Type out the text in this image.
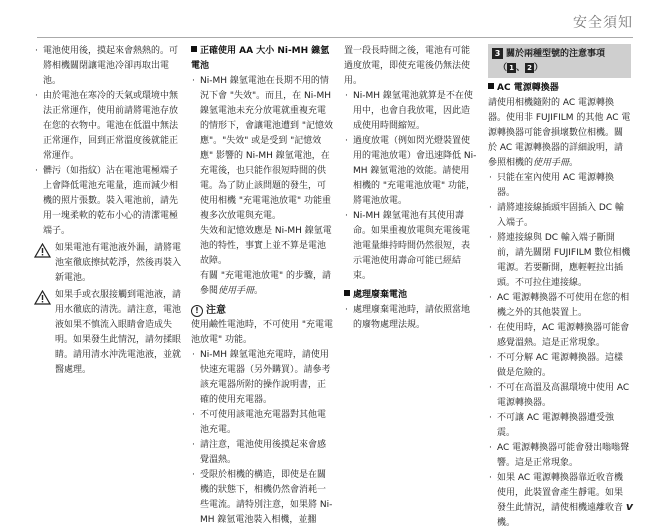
安全須知
· 電池使用後，摸起來會熱熱的。可將相機關閉讓電池冷卻再取出電池。
· 由於電池在寒冷的天氣或環境中無法正常運作，使用前請將電池存放在您的衣物中。電池在低溫中無法正常運作，回到正常溫度後就能正常運作。
· 髒污（如指紋）沾在電池電極端子上會降低電池充電量，進而減少相機的照片張數。裝入電池前，請先用一塊柔軟的乾布小心的清潔電極端子。
如果電池有電池液外漏，請將電池室徹底擦拭乾淨，然後再裝入新電池。
如果手或衣服接觸到電池液，請用水徹底的清洗。請注意，電池液如果不慎流入眼睛會造成失明。如果發生此情況，請勿揉眼睛。請用清水沖洗電池液，並就醫處理。
正確使用 AA 大小 Ni-MH 鎳氫電池
· Ni-MH 鎳氫電池在長期不用的情況下會 "失效"。而且，在 Ni-MH 鎳氫電池未充分放電就重複充電的情形下，會讓電池遭到 "記憶效應"。"失效" 或是受到 "記憶效應" 影響的 Ni-MH 鎳氫電池，在充電後，也只能作很短時間的供電。為了防止該問題的發生，可使用相機 "充電電池放電" 功能重複多次放電與充電。
失效和記憶效應是 Ni-MH 鎳氫電池的特性，事實上並不算是電池故障。
有關 "充電電池放電" 的步驟，請參閱使用手冊。
! 注意
使用鹼性電池時，不可使用 "充電電池放電" 功能。
· Ni-MH 鎳氫電池充電時，請使用快速充電器（另外購買）。請參考該充電器所附的操作說明書，正確的使用充電器。
· 不可使用該電池充電器對其他電池充電。
· 請注意，電池使用後摸起來會感覺溫熱。
· 受限於相機的構造，即使是在關機的狀態下，相機仍然會消耗一些電流。請特別注意，如果將 Ni-MH 鎳氫電池裝入相機，並擱
置一段長時間之後，電池有可能過度放電，即使充電後仍無法使用。
· Ni-MH 鎳氫電池就算是不在使用中，也會自我放電，因此造成使用時間縮短。
· 過度放電（例如閃光燈裝置使用的電池放電）會迅速降低 Ni-MH 鎳氫電池的效能。請使用相機的 "充電電池放電" 功能，將電池放電。
· Ni-MH 鎳氫電池有其使用壽命。如果重複放電與充電後電池電量維持時間仍然很短，表示電池使用壽命可能已經結束。
處理廢棄電池
· 處理廢棄電池時，請依照當地的廢物處理法規。
3 關於兩種型號的注意事項
（ 1 、 2 ）
AC 電源轉換器
請使用相機隨附的 AC 電源轉換器。使用非 FUJIFILM 的其他 AC 電源轉換器可能會損壞數位相機。關於 AC 電源轉換器的詳細說明，請參照相機的使用手冊。
· 只能在室內使用 AC 電源轉換器。
· 請將連接線插頭牢固插入 DC 輸入端子。
· 將連接線與 DC 輸入端子斷開前，請先關閉 FUJIFILM 數位相機電源。若要斷開，應輕輕拉出插頭。不可拉住連接線。
· AC 電源轉換器不可使用在您的相機之外的其他裝置上。
· 在使用時，AC 電源轉換器可能會感覺溫熱。這是正常現象。
· 不可分解 AC 電源轉換器。這樣做是危險的。
· 不可在高溫及高濕環境中使用 AC 電源轉換器。
· 不可讓 AC 電源轉換器遭受強震。
· AC 電源轉換器可能會發出嗡嗡聲響。這是正常現象。
· 如果 AC 電源轉換器靠近收音機使用，此裝置會產生靜電。如果發生此情況，請使相機遠離收音機。
v
